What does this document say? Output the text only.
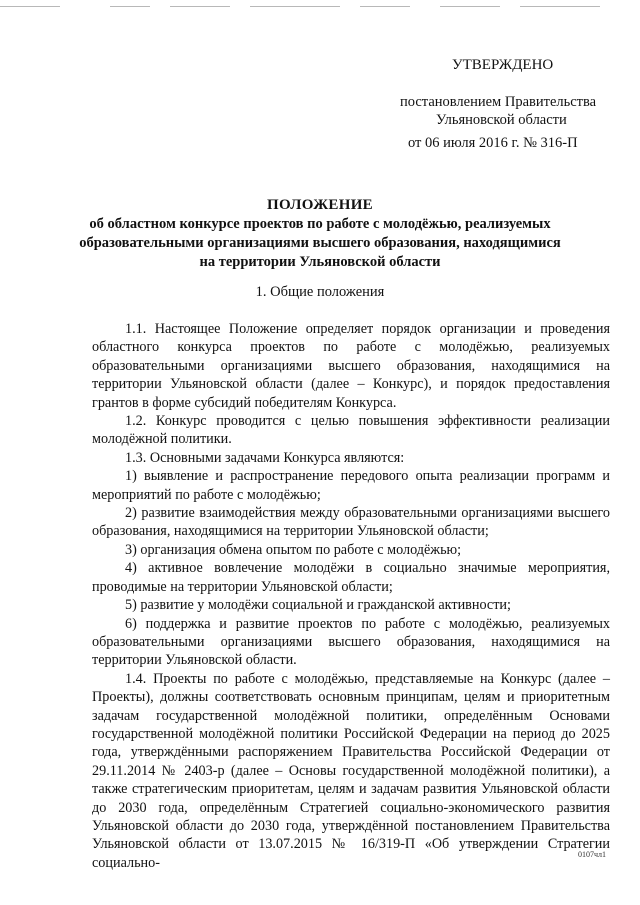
УТВЕРЖДЕНО
постановлением Правительства
Ульяновской области
от 06 июля 2016 г. № 316-П
ПОЛОЖЕНИЕ
об областном конкурсе проектов по работе с молодёжью, реализуемых
образовательными организациями высшего образования, находящимися
на территории Ульяновской области
1. Общие положения

1.1. Настоящее Положение определяет порядок организации и проведения областного конкурса проектов по работе с молодёжью, реализуемых образовательными организациями высшего образования, находящимися на территории Ульяновской области (далее – Конкурс), и порядок предоставления грантов в форме субсидий победителям Конкурса.

1.2. Конкурс проводится с целью повышения эффективности реализации молодёжной политики.

1.3. Основными задачами Конкурса являются:

1) выявление и распространение передового опыта реализации программ и мероприятий по работе с молодёжью;

2) развитие взаимодействия между образовательными организациями высшего образования, находящимися на территории Ульяновской области;

3) организация обмена опытом по работе с молодёжью;

4) активное вовлечение молодёжи в социально значимые мероприятия, проводимые на территории Ульяновской области;

5) развитие у молодёжи социальной и гражданской активности;

6) поддержка и развитие проектов по работе с молодёжью, реализуемых образовательными организациями высшего образования, находящимися на территории Ульяновской области.

1.4. Проекты по работе с молодёжью, представляемые на Конкурс (далее – Проекты), должны соответствовать основным принципам, целям и приоритетным задачам государственной молодёжной политики, определённым Основами государственной молодёжной политики Российской Федерации на период до 2025 года, утверждёнными распоряжением Правительства Российской Федерации от 29.11.2014 № 2403-р (далее – Основы государственной молодёжной политики), а также стратегическим приоритетам, целям и задачам развития Ульяновской области до 2030 года, определённым Стратегией социально-экономического развития Ульяновской области до 2030 года, утверждённой постановлением Правительства Ульяновской области от 13.07.2015 № 16/319-П «Об утверждении Стратегии социально-

0107чл1
